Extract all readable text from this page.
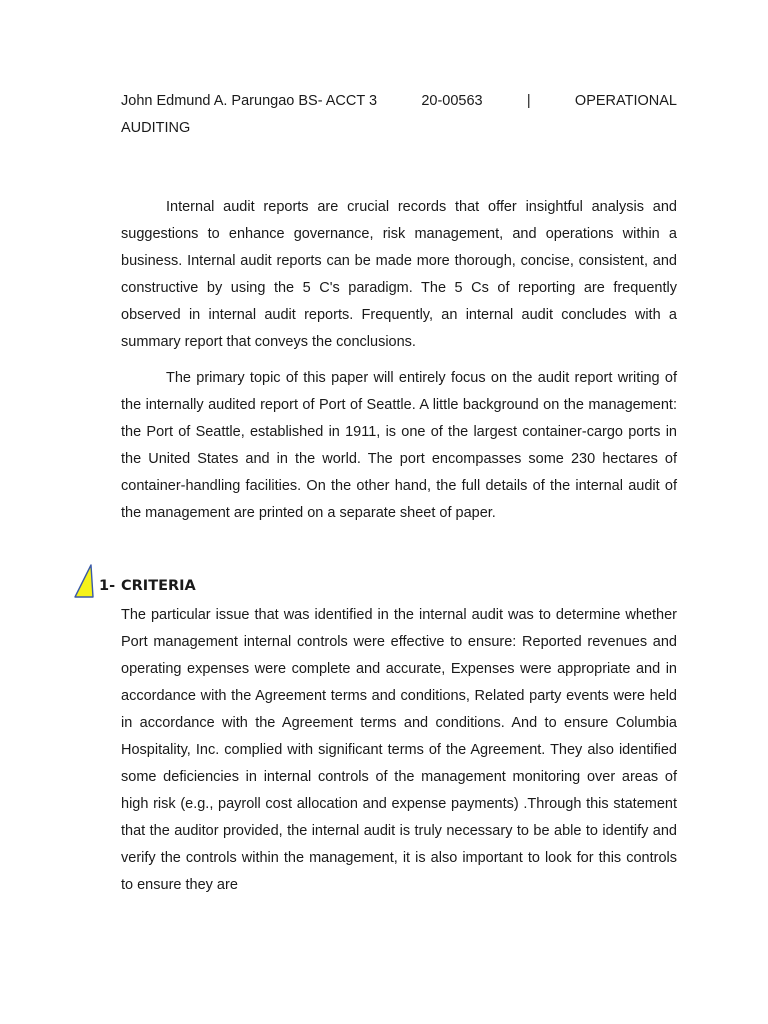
John Edmund A. Parungao BS- ACCT 3	20-00563	|	OPERATIONAL

AUDITING

Internal audit reports are crucial records that offer insightful analysis and suggestions to enhance governance, risk management, and operations within a business. Internal audit reports can be made more thorough, concise, consistent, and constructive by using the 5 C's paradigm. The 5 Cs of reporting are frequently observed in internal audit reports. Frequently, an internal audit concludes with a summary report that conveys the conclusions.

The primary topic of this paper will entirely focus on the audit report writing of the internally audited report of Port of Seattle. A little background on the management: the Port of Seattle, established in 1911, is one of the largest container-cargo ports in the United States and in the world. The port encompasses some 230 hectares of container-handling facilities. On the other hand, the full details of the internal audit of the management are printed on a separate sheet of paper.

1- CRITERIA

The particular issue that was identified in the internal audit was to determine whether Port management internal controls were effective to ensure: Reported revenues and operating expenses were complete and accurate, Expenses were appropriate and in accordance with the Agreement terms and conditions, Related party events were held in accordance with the Agreement terms and conditions. And to ensure Columbia Hospitality, Inc. complied with significant terms of the Agreement. They also identified some deficiencies in internal controls of the management monitoring over areas of high risk (e.g., payroll cost allocation and expense payments) .Through this statement that the auditor provided, the internal audit is truly necessary to be able to identify and verify the controls within the management, it is also important to look for this controls to ensure they are
